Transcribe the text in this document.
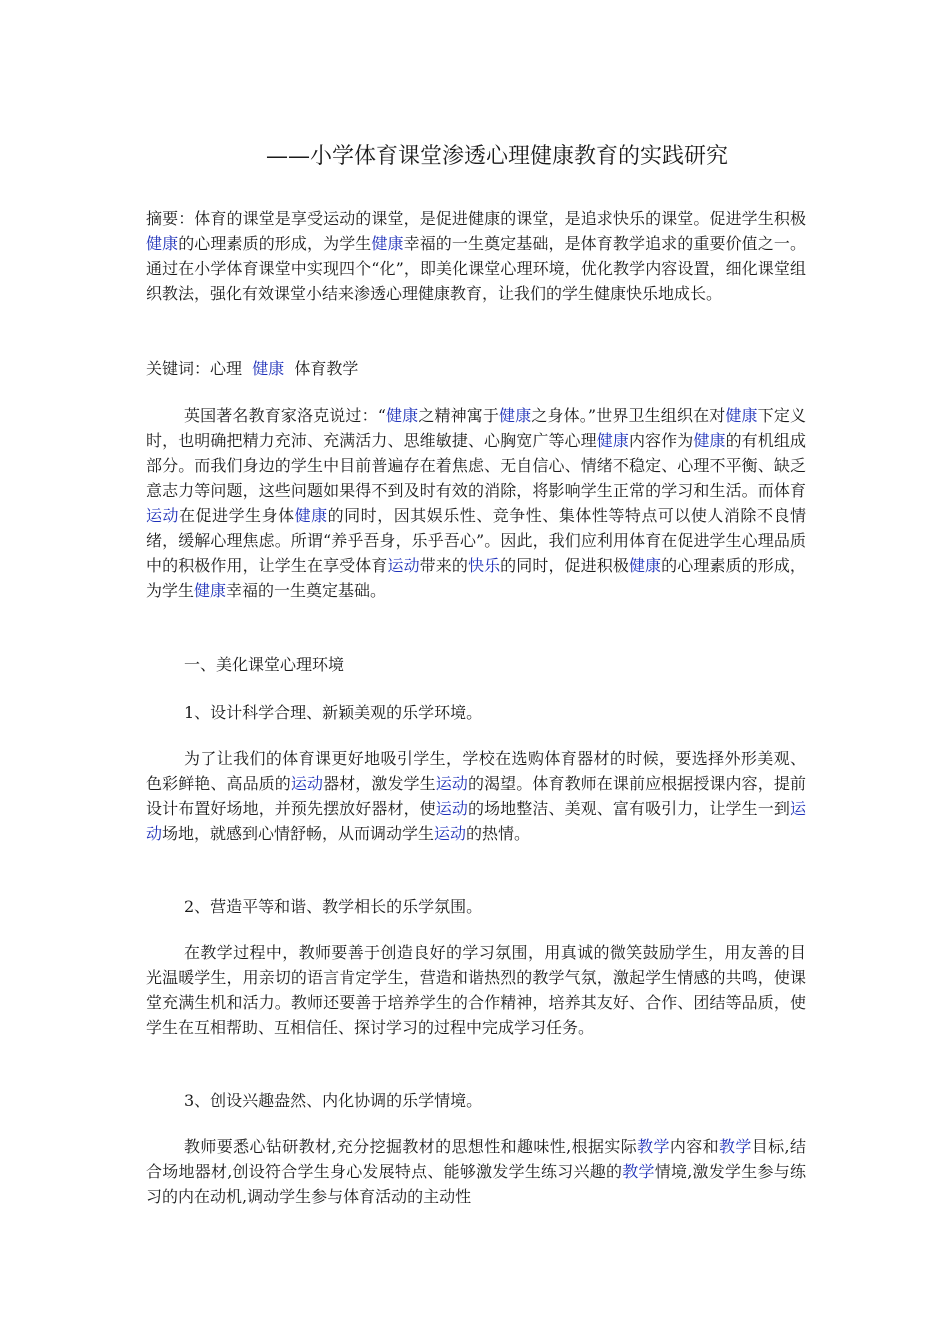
——小学体育课堂渗透心理健康教育的实践研究

摘要：体育的课堂是享受运动的课堂，是促进健康的课堂，是追求快乐的课堂。促进学生积极健康的心理素质的形成，为学生健康幸福的一生奠定基础，是体育教学追求的重要价值之一。通过在小学体育课堂中实现四个“化”，即美化课堂心理环境，优化教学内容设置，细化课堂组织教法，强化有效课堂小结来渗透心理健康教育，让我们的学生健康快乐地成长。

关键词：心理 健康 体育教学

英国著名教育家洛克说过：“健康之精神寓于健康之身体。”世界卫生组织在对健康下定义时，也明确把精力充沛、充满活力、思维敏捷、心胸宽广等心理健康内容作为健康的有机组成部分。而我们身边的学生中目前普遍存在着焦虑、无自信心、情绪不稳定、心理不平衡、缺乏意志力等问题，这些问题如果得不到及时有效的消除，将影响学生正常的学习和生活。而体育运动在促进学生身体健康的同时，因其娱乐性、竞争性、集体性等特点可以使人消除不良情绪，缓解心理焦虑。所谓“养乎吾身，乐乎吾心”。因此，我们应利用体育在促进学生心理品质中的积极作用，让学生在享受体育运动带来的快乐的同时，促进积极健康的心理素质的形成，为学生健康幸福的一生奠定基础。

一、美化课堂心理环境
1、设计科学合理、新颖美观的乐学环境。

为了让我们的体育课更好地吸引学生，学校在选购体育器材的时候，要选择外形美观、色彩鲜艳、高品质的运动器材，激发学生运动的渴望。体育教师在课前应根据授课内容，提前设计布置好场地，并预先摆放好器材，使运动的场地整洁、美观、富有吸引力，让学生一到运动场地，就感到心情舒畅，从而调动学生运动的热情。

2、营造平等和谐、教学相长的乐学氛围。

在教学过程中，教师要善于创造良好的学习氛围，用真诚的微笑鼓励学生，用友善的目光温暖学生，用亲切的语言肯定学生，营造和谐热烈的教学气氛，激起学生情感的共鸣，使课堂充满生机和活力。教师还要善于培养学生的合作精神，培养其友好、合作、团结等品质，使学生在互相帮助、互相信任、探讨学习的过程中完成学习任务。

3、创设兴趣盎然、内化协调的乐学情境。

教师要悉心钻研教材,充分挖掘教材的思想性和趣味性,根据实际教学内容和教学目标,结合场地器材,创设符合学生身心发展特点、能够激发学生练习兴趣的教学情境,激发学生参与练习的内在动机,调动学生参与体育活动的主动性
